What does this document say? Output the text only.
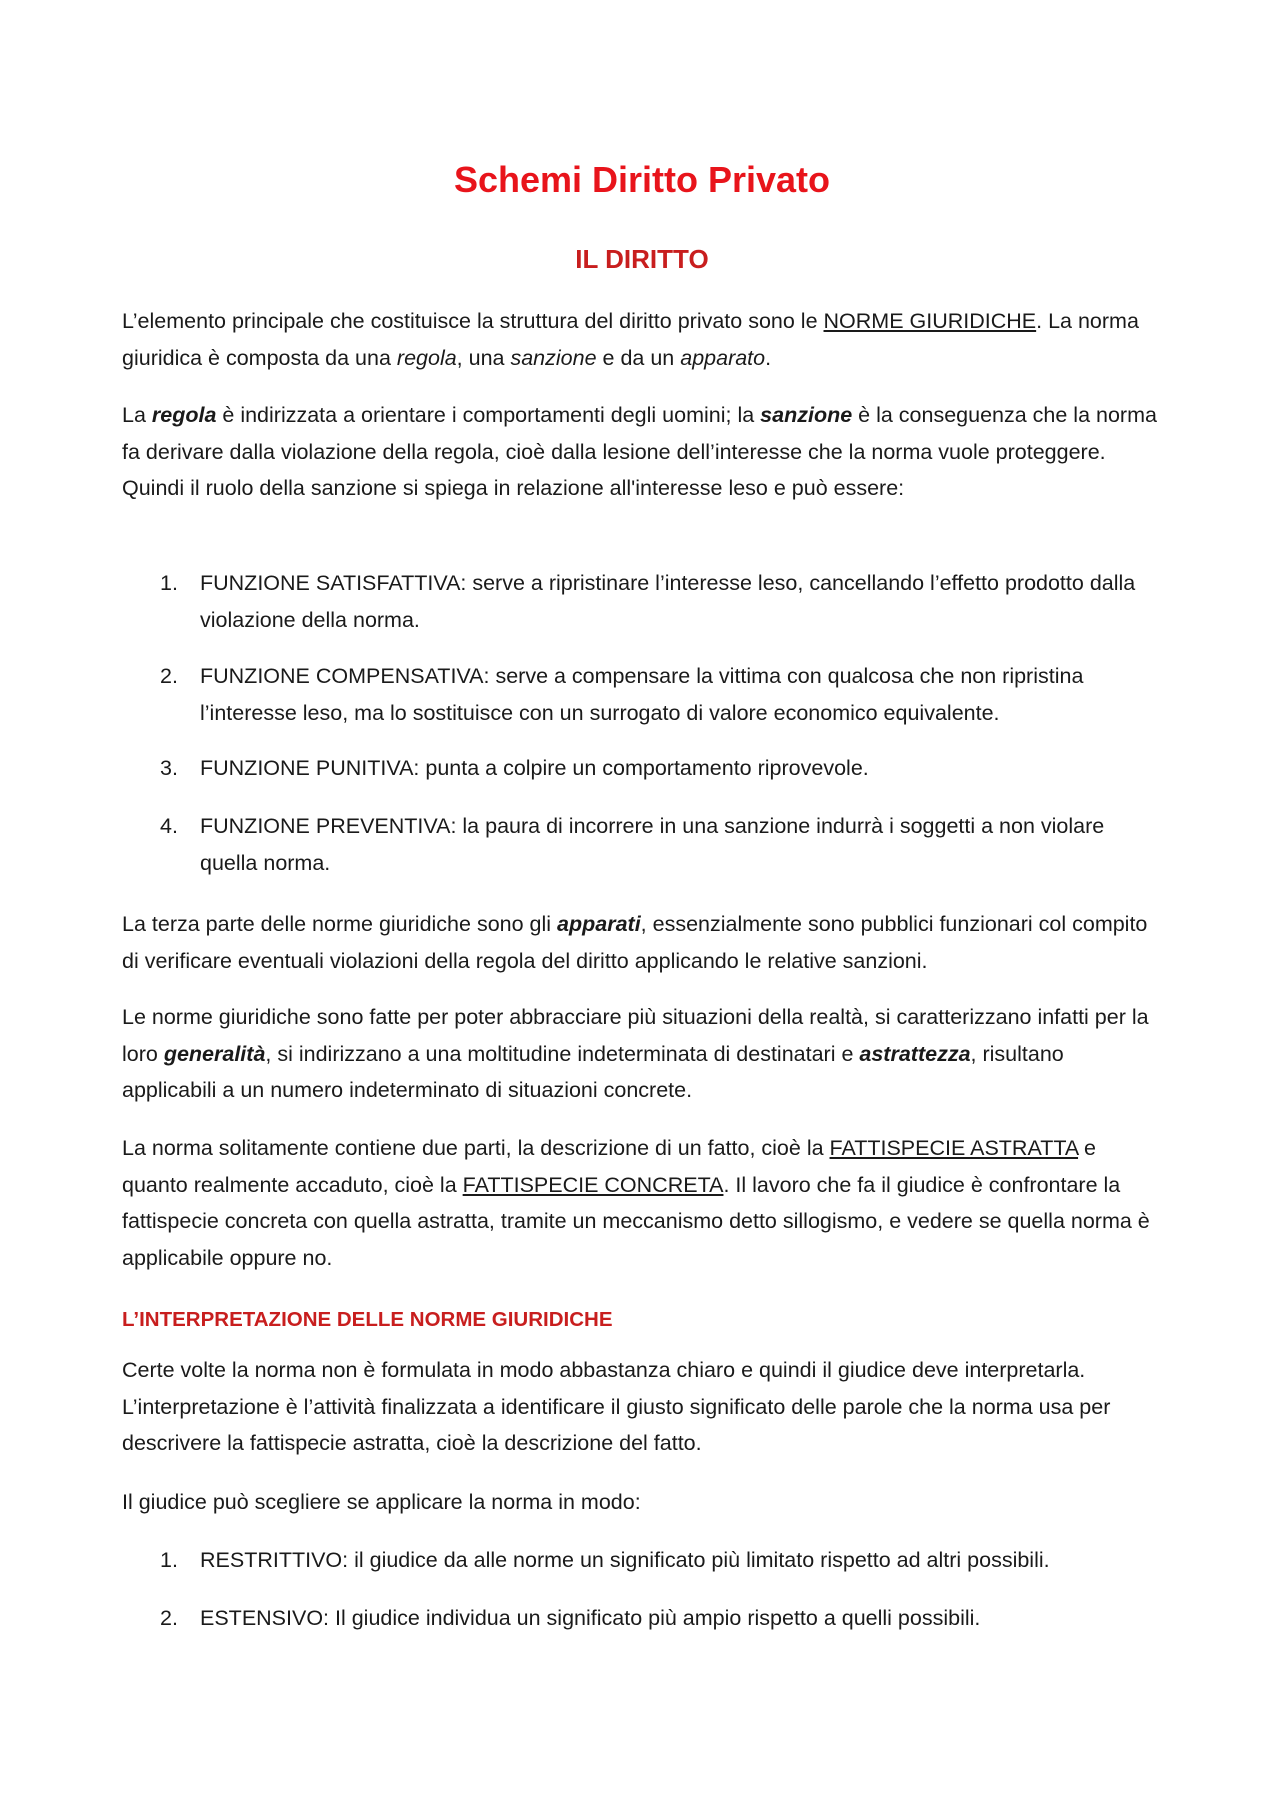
Schemi Diritto Privato
IL DIRITTO

L’elemento principale che costituisce la struttura del diritto privato sono le NORME GIURIDICHE. La norma giuridica è composta da una regola, una sanzione e da un apparato.

La regola è indirizzata a orientare i comportamenti degli uomini; la sanzione è la conseguenza che la norma fa derivare dalla violazione della regola, cioè dalla lesione dell’interesse che la norma vuole proteggere. Quindi il ruolo della sanzione si spiega in relazione all'interesse leso e può essere:

1.	FUNZIONE SATISFATTIVA: serve a ripristinare l’interesse leso, cancellando l’effetto prodotto dalla violazione della norma.
2.	FUNZIONE COMPENSATIVA: serve a compensare la vittima con qualcosa che non ripristina l’interesse leso, ma lo sostituisce con un surrogato di valore economico equivalente.
3.	FUNZIONE PUNITIVA: punta a colpire un comportamento riprovevole.
4.	FUNZIONE PREVENTIVA: la paura di incorrere in una sanzione indurrà i soggetti a non violare quella norma.

La terza parte delle norme giuridiche sono gli apparati, essenzialmente sono pubblici funzionari col compito di verificare eventuali violazioni della regola del diritto applicando le relative sanzioni.

Le norme giuridiche sono fatte per poter abbracciare più situazioni della realtà, si caratterizzano infatti per la loro generalità, si indirizzano a una moltitudine indeterminata di destinatari e astrattezza, risultano applicabili a un numero indeterminato di situazioni concrete.

La norma solitamente contiene due parti, la descrizione di un fatto, cioè la FATTISPECIE ASTRATTA e quanto realmente accaduto, cioè la FATTISPECIE CONCRETA. Il lavoro che fa il giudice è confrontare la fattispecie concreta con quella astratta, tramite un meccanismo detto sillogismo, e vedere se quella norma è applicabile oppure no.

L’INTERPRETAZIONE DELLE NORME GIURIDICHE

Certe volte la norma non è formulata in modo abbastanza chiaro e quindi il giudice deve interpretarla. L’interpretazione è l’attività finalizzata a identificare il giusto significato delle parole che la norma usa per descrivere la fattispecie astratta, cioè la descrizione del fatto.

Il giudice può scegliere se applicare la norma in modo:

1.	RESTRITTIVO: il giudice da alle norme un significato più limitato rispetto ad altri possibili.
2.	ESTENSIVO: Il giudice individua un significato più ampio rispetto a quelli possibili.
